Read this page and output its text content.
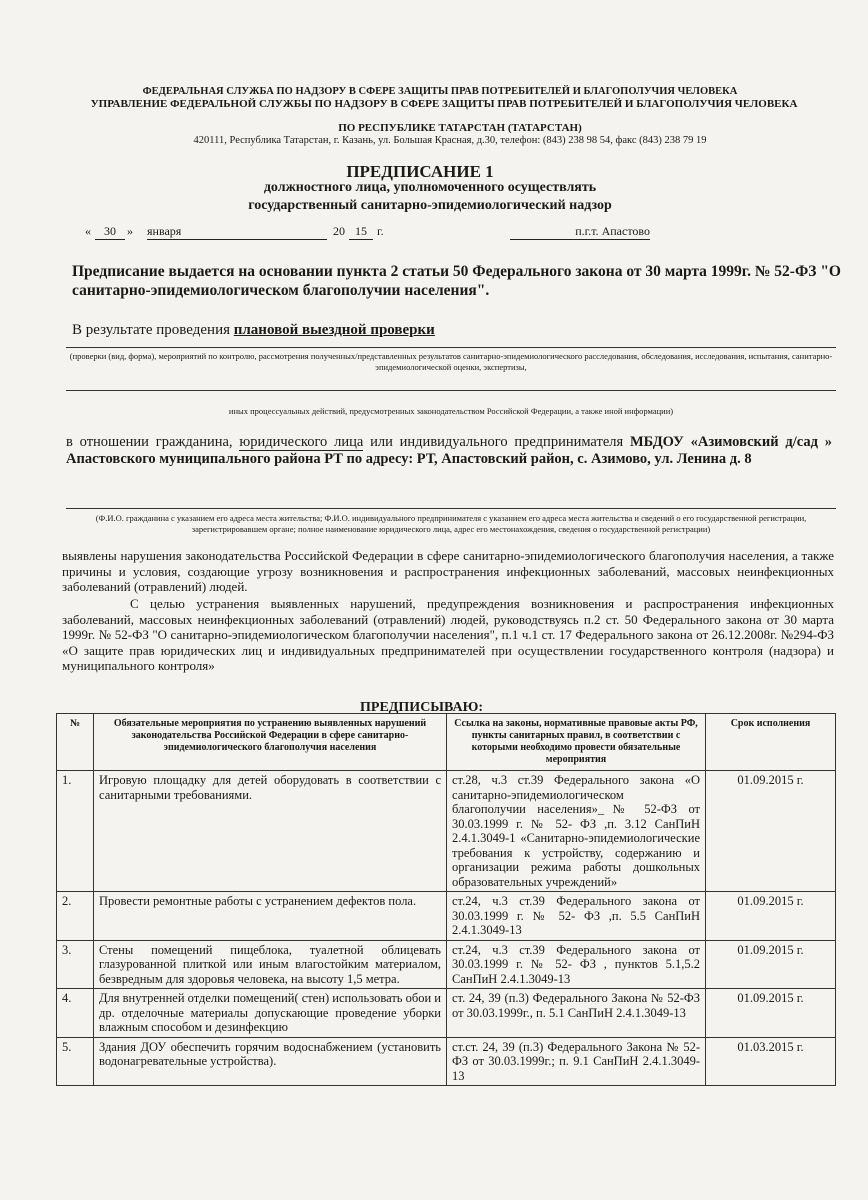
ФЕДЕРАЛЬНАЯ СЛУЖБА ПО НАДЗОРУ В СФЕРЕ ЗАЩИТЫ ПРАВ ПОТРЕБИТЕЛЕЙ И БЛАГОПОЛУЧИЯ ЧЕЛОВЕКА
УПРАВЛЕНИЕ ФЕДЕРАЛЬНОЙ СЛУЖБЫ ПО НАДЗОРУ В СФЕРЕ ЗАЩИТЫ ПРАВ ПОТРЕБИТЕЛЕЙ И БЛАГОПОЛУЧИЯ ЧЕЛОВЕКА
ПО РЕСПУБЛИКЕ ТАТАРСТАН (ТАТАРСТАН)
420111, Республика Татарстан, г. Казань, ул. Большая Красная, д.30, телефон: (843) 238 98 54, факс (843) 238 79 19
ПРЕДПИСАНИЕ 1
должностного лица, уполномоченного осуществлять
государственный санитарно-эпидемиологический надзор
«	30 » января	20 15 г.	п.г.т. Апастово
Предписание выдается на основании пункта 2 статьи 50 Федерального закона от 30 марта 1999г. № 52-ФЗ "О санитарно-эпидемиологическом благополучии населения".
В результате проведения плановой выездной проверки
(проверки (вид, форма), мероприятий по контролю, рассмотрения полученных/представленных результатов санитарно-эпидемиологического расследования, обследования, исследования, испытания, санитарно-эпидемиологической оценки, экспертизы,
иных процессуальных действий, предусмотренных законодательством Российской Федерации, а также иной информации)
в отношении гражданина, юридического лица или индивидуального предпринимателя МБДОУ «Азимовский д/сад » Апастовского муниципального района РТ по адресу: РТ, Апастовский район, с. Азимово, ул. Ленина д. 8
(Ф.И.О. гражданина с указанием его адреса места жительства; Ф.И.О. индивидуального предпринимателя с указанием его адреса места жительства и сведений о его государственной регистрации, зарегистрировавшем органе; полное наименование юридического лица, адрес его местонахождения, сведения о государственной регистрации)
выявлены нарушения законодательства Российской Федерации в сфере санитарно-эпидемиологического благополучия населения, а также причины и условия, создающие угрозу возникновения и распространения инфекционных заболеваний, массовых неинфекционных заболеваний (отравлений) людей.
С целью устранения выявленных нарушений, предупреждения возникновения и распространения инфекционных заболеваний, массовых неинфекционных заболеваний (отравлений) людей, руководствуясь п.2 ст. 50 Федерального закона от 30 марта 1999г. № 52-ФЗ "О санитарно-эпидемиологическом благополучии населения", п.1 ч.1 ст. 17 Федерального закона от 26.12.2008г. №294-ФЗ «О защите прав юридических лиц и индивидуальных предпринимателей при осуществлении государственного контроля (надзора) и муниципального контроля»
ПРЕДПИСЫВАЮ:
№	Обязательные мероприятия по устранению выявленных нарушений законодательства Российской Федерации в сфере санитарно-эпидемиологического благополучия населения	Ссылка на законы, нормативные правовые акты РФ, пункты санитарных правил, в соответствии с которыми необходимо провести обязательные мероприятия	Срок исполнения
1.	Игровую площадку для детей оборудовать в соответствии с санитарными требованиями.	ст.28, ч.3 ст.39 Федерального закона «О санитарно-эпидемиологическом благополучии населения»_№ 52-ФЗ от 30.03.1999 г. № 52- ФЗ ,п. 3.12 СанПиН 2.4.1.3049-1 «Санитарно-эпидемиологические требования к устройству, содержанию и организации режима работы дошкольных образовательных учреждений»	01.09.2015 г.
2.	Провести ремонтные работы с устранением дефектов пола.	ст.24, ч.3 ст.39 Федерального закона от 30.03.1999 г. № 52- ФЗ ,п. 5.5 СанПиН 2.4.1.3049-13	01.09.2015 г.
3.	Стены помещений пищеблока, туалетной облицевать глазурованной плиткой или иным влагостойким материалом, безвредным для здоровья человека, на высоту 1,5 метра.	ст.24, ч.3 ст.39 Федерального закона от 30.03.1999 г. № 52- ФЗ , пунктов 5.1,5.2 СанПиН 2.4.1.3049-13	01.09.2015 г.
4.	Для внутренней отделки помещений( стен) использовать обои и др. отделочные материалы допускающие проведение уборки влажным способом и дезинфекцию	ст. 24, 39 (п.3) Федерального Закона № 52-ФЗ от 30.03.1999г., п. 5.1 СанПиН 2.4.1.3049-13	01.09.2015 г.
5.	Здания ДОУ обеспечить горячим водоснабжением (установить водонагревательные устройства).	ст.ст. 24, 39 (п.3) Федерального Закона № 52-ФЗ от 30.03.1999г.; п. 9.1 СанПиН 2.4.1.3049-13	01.03.2015 г.
